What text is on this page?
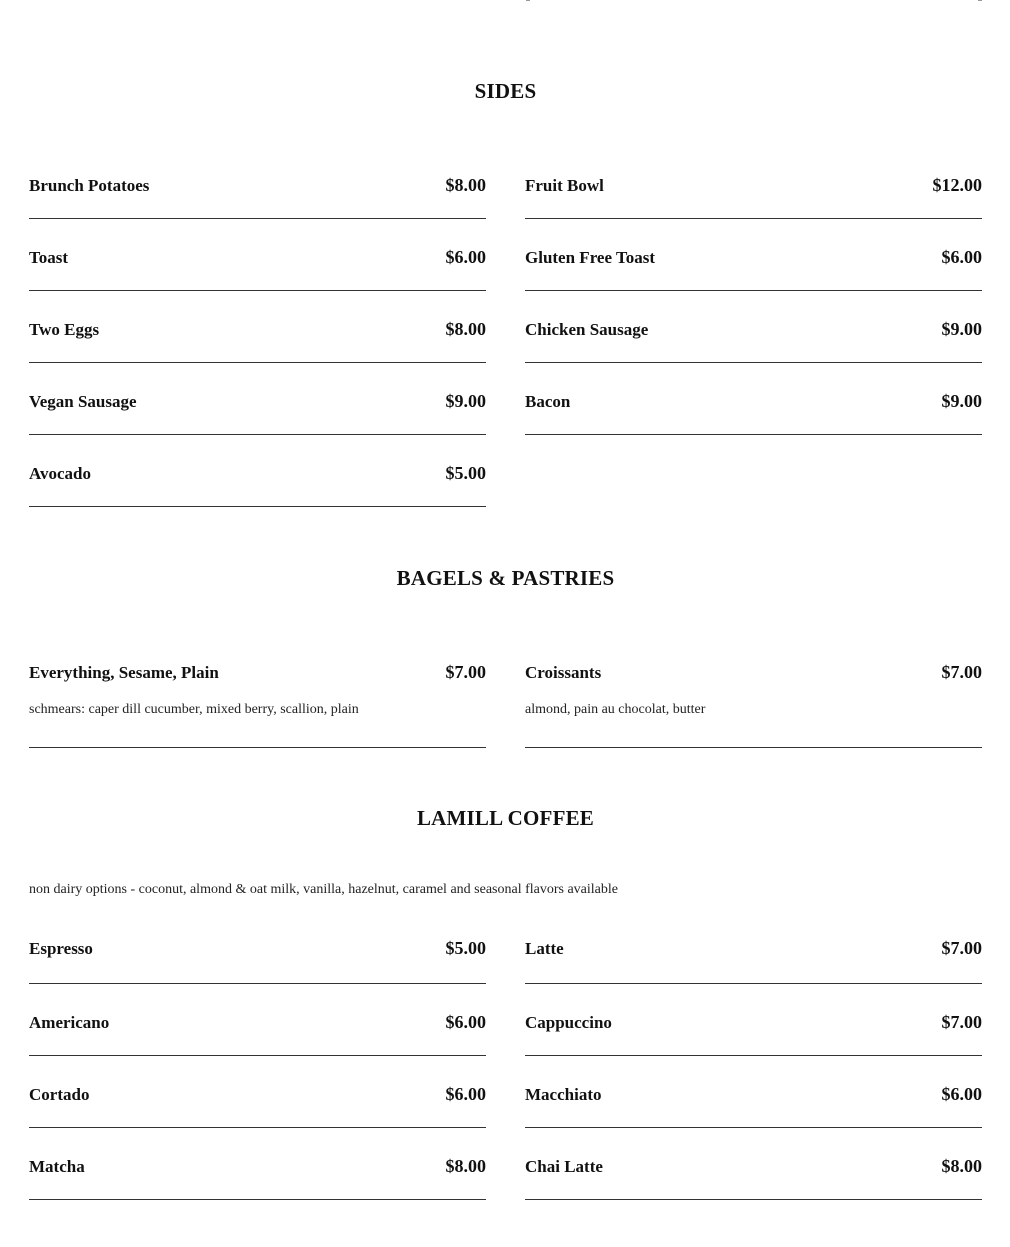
SIDES
Brunch Potatoes	$8.00 Fruit Bowl	$12.00
Toast	$6.00 Gluten Free Toast	$6.00
Two Eggs	$8.00 Chicken Sausage	$9.00
Vegan Sausage	$9.00 Bacon	$9.00
Avocado	$5.00
BAGELS & PASTRIES
Everything, Sesame, Plain	$7.00
schmears: caper dill cucumber, mixed berry, scallion, plain
Croissants	$7.00
almond, pain au chocolat, butter
LAMILL COFFEE
non dairy options - coconut, almond & oat milk, vanilla, hazelnut, caramel and seasonal flavors available
Espresso	$5.00 Latte	$7.00
Americano	$6.00 Cappuccino	$7.00
Cortado	$6.00 Macchiato	$6.00
Matcha	$8.00 Chai Latte	$8.00
